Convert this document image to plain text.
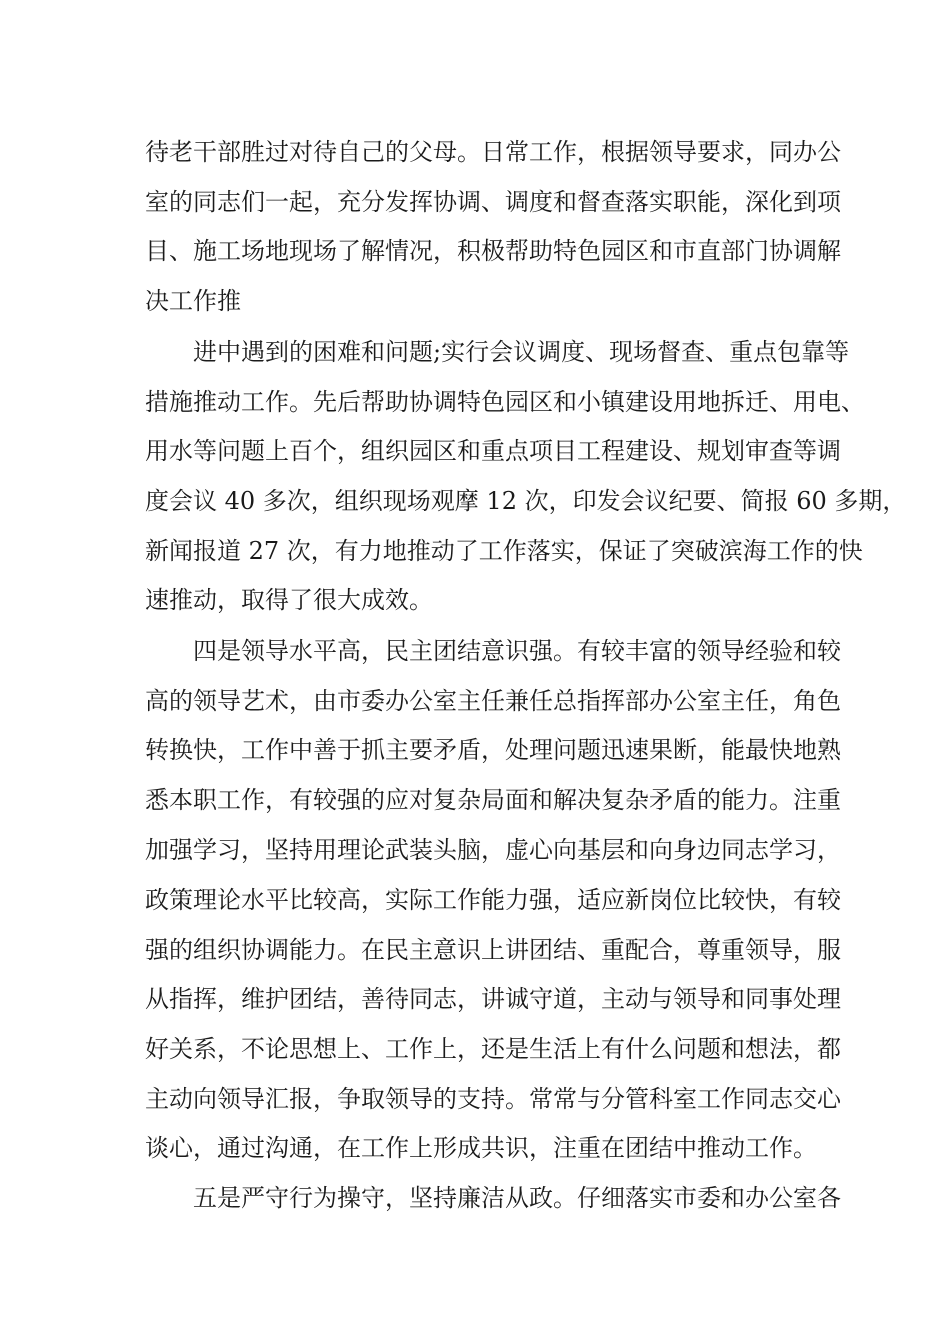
待老干部胜过对待自己的父母。日常工作，根据领导要求，同办公
室的同志们一起，充分发挥协调、调度和督查落实职能，深化到项
目、施工场地现场了解情况，积极帮助特色园区和市直部门协调解
决工作推
　　进中遇到的困难和问题;实行会议调度、现场督查、重点包靠等
措施推动工作。先后帮助协调特色园区和小镇建设用地拆迁、用电、
用水等问题上百个，组织园区和重点项目工程建设、规划审查等调
度会议 40 多次，组织现场观摩 12 次，印发会议纪要、简报 60 多期，
新闻报道 27 次，有力地推动了工作落实，保证了突破滨海工作的快
速推动，取得了很大成效。
　　四是领导水平高，民主团结意识强。有较丰富的领导经验和较
高的领导艺术，由市委办公室主任兼任总指挥部办公室主任，角色
转换快，工作中善于抓主要矛盾，处理问题迅速果断，能最快地熟
悉本职工作，有较强的应对复杂局面和解决复杂矛盾的能力。注重
加强学习，坚持用理论武装头脑，虚心向基层和向身边同志学习，
政策理论水平比较高，实际工作能力强，适应新岗位比较快，有较
强的组织协调能力。在民主意识上讲团结、重配合，尊重领导，服
从指挥，维护团结，善待同志，讲诚守道，主动与领导和同事处理
好关系，不论思想上、工作上，还是生活上有什么问题和想法，都
主动向领导汇报，争取领导的支持。常常与分管科室工作同志交心
谈心，通过沟通，在工作上形成共识，注重在团结中推动工作。
　　五是严守行为操守，坚持廉洁从政。仔细落实市委和办公室各
